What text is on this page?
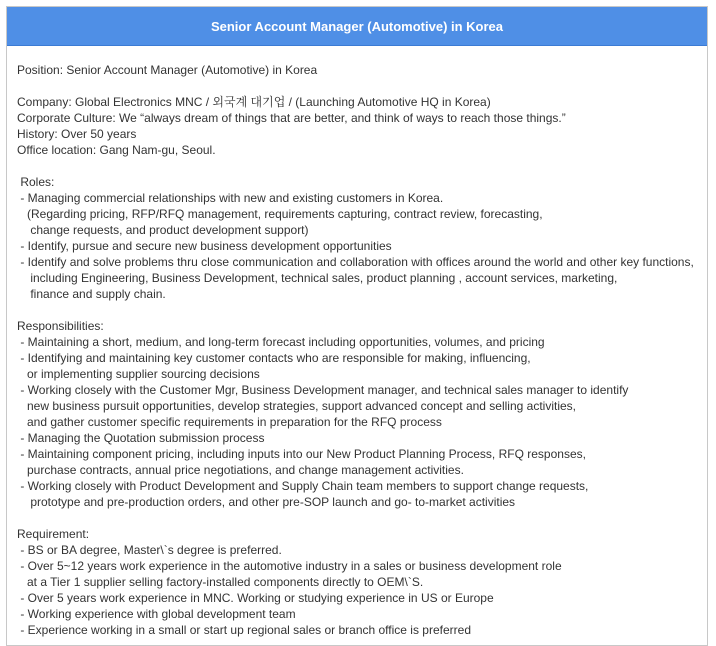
Senior Account Manager (Automotive) in Korea
Position: Senior Account Manager (Automotive) in Korea
Company: Global Electronics MNC / 외국계 대기업 / (Launching Automotive HQ in Korea)
Corporate Culture: We “always dream of things that are better, and think of ways to reach those things.”
History: Over 50 years
Office location: Gang Nam-gu, Seoul.
Roles:
- Managing commercial relationships with new and existing customers in Korea.
(Regarding pricing, RFP/RFQ management, requirements capturing, contract review, forecasting,
change requests, and product development support)
- Identify, pursue and secure new business development opportunities
- Identify and solve problems thru close communication and collaboration with offices around the world and other key functions,
including Engineering, Business Development, technical sales, product planning , account services, marketing,
finance and supply chain.
Responsibilities:
- Maintaining a short, medium, and long-term forecast including opportunities, volumes, and pricing
- Identifying and maintaining key customer contacts who are responsible for making, influencing,
or implementing supplier sourcing decisions
- Working closely with the Customer Mgr, Business Development manager, and technical sales manager to identify
new business pursuit opportunities, develop strategies, support advanced concept and selling activities,
and gather customer specific requirements in preparation for the RFQ process
- Managing the Quotation submission process
- Maintaining component pricing, including inputs into our New Product Planning Process, RFQ responses,
purchase contracts, annual price negotiations, and change management activities.
- Working closely with Product Development and Supply Chain team members to support change requests,
prototype and pre-production orders, and other pre-SOP launch and go- to-market activities
Requirement:
- BS or BA degree, Master\`s degree is preferred.
- Over 5~12 years work experience in the automotive industry in a sales or business development role
at a Tier 1 supplier selling factory-installed components directly to OEM\`S.
- Over 5 years work experience in MNC. Working or studying experience in US or Europe
- Working experience with global development team
- Experience working in a small or start up regional sales or branch office is preferred
